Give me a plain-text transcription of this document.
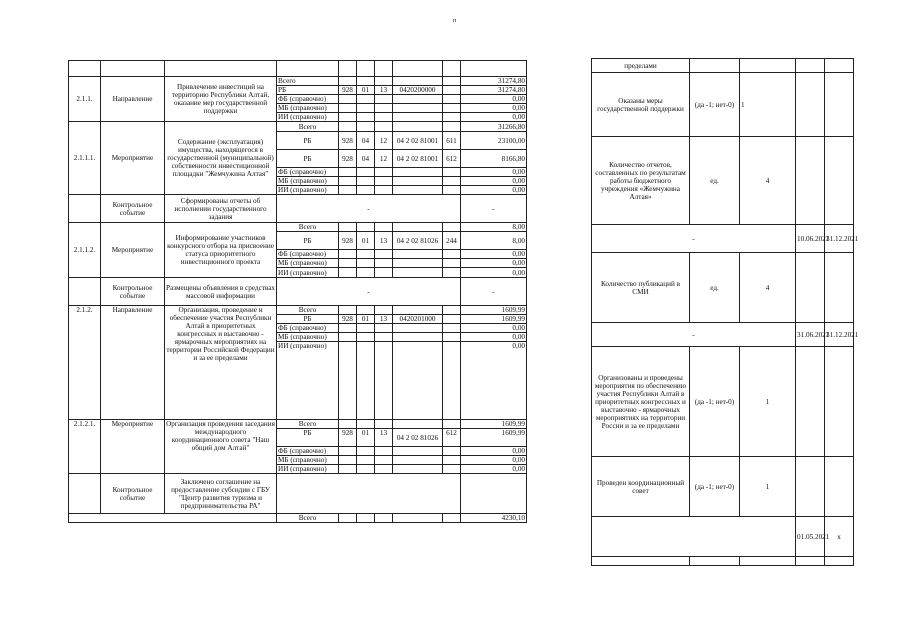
п

2.1.1.	Направление	Привлечение инвестиций на территорию Республики Алтай, оказание мер государственной поддержки	Всего						31274,80
			РБ	928	01	13	0420200000		31274,80
			ФБ (справочно)						0,00
			МБ (справочно)						0,00
			ИИ (справочно)						0,00
2.1.1.1.	Мероприятие	Содержание (эксплуатация) имущества, находящегося в государственной (муниципальной) собственности инвестиционной площадки "Жемчужина Алтая"	Всего						31266,80
			РБ	928	04	12	04 2 02 81001	611	23100,00
			РБ	928	04	12	04 2 02 81001	612	8166,80
			ФБ (справочно)						0,00
			МБ (справочно)						0,00
			ИИ (справочно)						0,00
	Контрольное событие	Сформированы отчеты об исполнении государственного задания	-						-
2.1.1.2.	Мероприятие	Информирование участников конкурсного отбора на присвоение статуса приоритетного инвестиционного проекта	Всего						8,00
			РБ	928	01	13	04 2 02 81026	244	8,00
			ФБ (справочно)						0,00
			МБ (справочно)						0,00
			ИИ (справочно)						0,00
	Контрольное событие	Размещены объявления в средствах массовой информации	-						-
2.1.2.	Направление	Организация, проведение и обеспечение участия Республики Алтай в приоритетных конгрессных и выставочно - ярмарочных мероприятиях на территории Российской Федерации и за ее пределами	Всего						1609,99
			РБ	928	01	13	0420201000		1609,99
			ФБ (справочно)						0,00
			МБ (справочно)						0,00
			ИИ (справочно)						0,00
2.1.2.1.	Мероприятие	Организация проведения заседания международного координационного совета "Наш общий дом Алтай"	Всего						1609,99
			РБ	928	01	13	04 2 02 81026	612	1609,99
			ФБ (справочно)						0,00
			МБ (справочно)						0,00
			ИИ (справочно)						0,00
	Контрольное событие	Заключено соглашение на предоставление субсидии с ГБУ "Центр развития туризма и предпринимательства РА"							
			Всего						4230,10
пределами				
Оказаны меры государственной поддержки	(да -1; нет-0)	1		
Количество отчетов, составленных по результатам работы бюджетного учреждения «Жемчужина Алтая»	ед.	4		
-			10.06.2021	31.12.2021
Количество публикаций в СМИ	ед.	4		
-			31.06.2021	31.12.2021
Организованы и проведены мероприятия по обеспечению участия Республики Алтай в приоритетных конгрессных и выставочно - ярмарочных мероприятиях на территории России и за ее пределами	(да -1; нет-0)	1		
Проведен координационный совет	(да -1; нет-0)	1		
			01.05.2021	х
